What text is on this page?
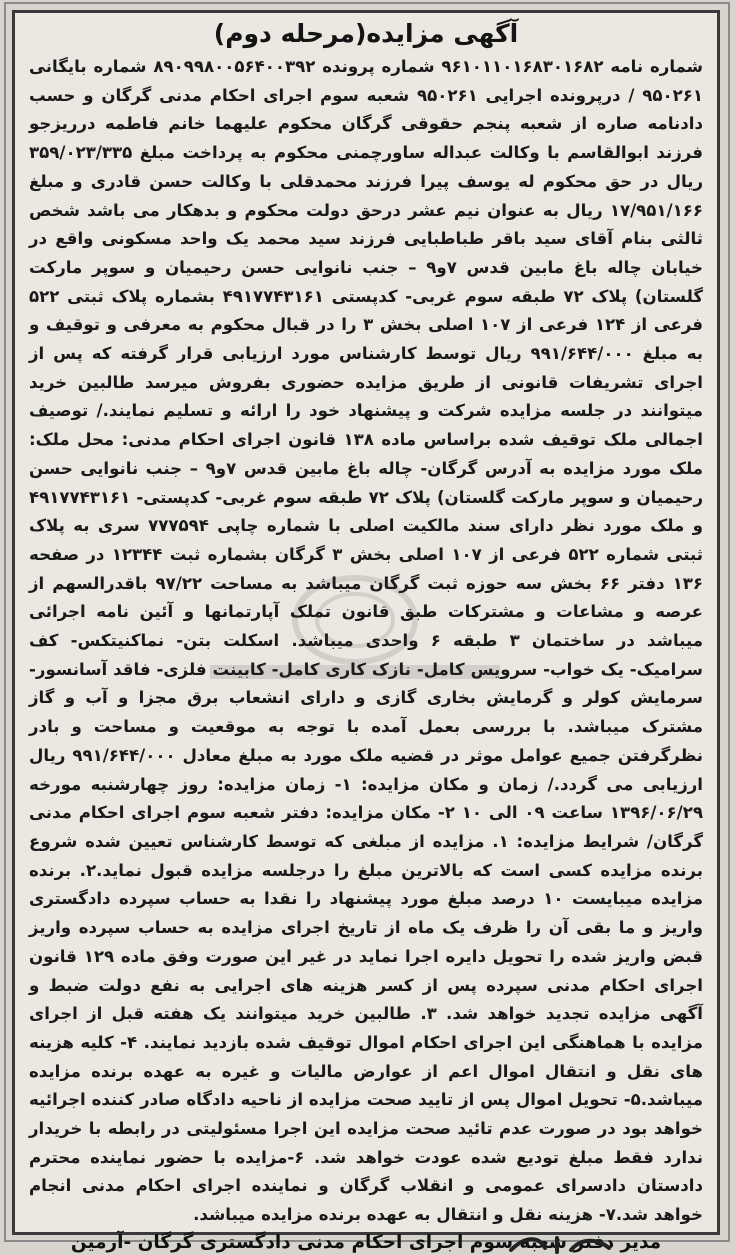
آگهی مزایده(مرحله دوم)

شماره نامه ۹۶۱۰۱۱۰۱۶۸۳۰۱۶۸۲ شماره پرونده ۸۹۰۹۹۸۰۰۵۶۴۰۰۳۹۲ شماره بایگانی ۹۵۰۲۶۱ / درپرونده اجرایی ۹۵۰۲۶۱ شعبه سوم اجرای احکام مدنی گرگان و حسب دادنامه صاره از شعبه پنجم حقوقی گرگان محکوم علیهما خانم فاطمه درریزجو فرزند ابوالقاسم با وکالت عبداله ساورچمنی محکوم به پرداخت مبلغ ۳۵۹/۰۲۳/۳۳۵ ریال در حق محکوم له یوسف پیرا فرزند محمدقلی با وکالت حسن قادری و مبلغ ۱۷/۹۵۱/۱۶۶ ریال به عنوان نیم عشر درحق دولت محکوم و بدهکار می باشد شخص ثالثی بنام آقای سید باقر طباطبایی فرزند سید محمد یک واحد مسکونی واقع در خیابان چاله باغ مابین قدس ۷و۹ – جنب نانوایی حسن رحیمیان و سوپر مارکت گلستان) پلاک ۷۲ طبقه سوم غربی- کدپستی ۴۹۱۷۷۴۳۱۶۱ بشماره پلاک ثبتی ۵۲۲ فرعی از ۱۲۴ فرعی از ۱۰۷ اصلی بخش ۳ را در قبال محکوم به معرفی و توقیف و به مبلغ ۹۹۱/۶۴۴/۰۰۰ ریال توسط کارشناس مورد ارزیابی قرار گرفته که پس از اجرای تشریفات قانونی از طریق مزایده حضوری بفروش میرسد طالبین خرید میتوانند در جلسه مزایده شرکت و پیشنهاد خود را ارائه و تسلیم نمایند./ توصیف اجمالی ملک توقیف شده براساس ماده ۱۳۸ قانون اجرای احکام مدنی: محل ملک: ملک مورد مزایده به آدرس گرگان- چاله باغ مابین قدس ۷و۹ – جنب نانوایی حسن رحیمیان و سوپر مارکت گلستان) پلاک ۷۲ طبقه سوم غربی- کدپستی- ۴۹۱۷۷۴۳۱۶۱ و ملک مورد نظر دارای سند مالکیت اصلی با شماره چاپی ۷۷۷۵۹۴ سری به پلاک ثبتی شماره ۵۲۲ فرعی از ۱۰۷ اصلی بخش ۳ گرگان بشماره ثبت ۱۲۳۴۴ در صفحه ۱۳۶ دفتر ۶۶ بخش سه حوزه ثبت گرگان میباشد به مساحت ۹۷/۲۲ باقدرالسهم از عرصه و مشاعات و مشترکات طبق قانون تملک آپارتمانها و آئین نامه اجرائی میباشد در ساختمان ۳ طبقه ۶ واحدی میباشد. اسکلت بتن- نماکنیتکس- کف سرامیک- یک خواب- سرویس کامل- نازک کاری کامل- کابینت فلزی- فاقد آسانسور- سرمایش کولر و گرمایش بخاری گازی و دارای انشعاب برق مجزا و آب و گاز مشترک میباشد. با بررسی بعمل آمده با توجه به موقعیت و مساحت و بادر نظرگرفتن جمیع عوامل موثر در قضیه ملک مورد به مبلغ معادل ۹۹۱/۶۴۴/۰۰۰ ریال ارزیابی می گردد./ زمان و مکان مزایده: ۱- زمان مزایده: روز چهارشنبه مورخه ۱۳۹۶/۰۶/۲۹ ساعت ۰۹ الی ۱۰ ۲- مکان مزایده: دفتر شعبه سوم اجرای احکام مدنی گرگان/ شرایط مزایده: ۱. مزایده از مبلغی که توسط کارشناس تعیین شده شروع برنده مزایده کسی است که بالاترین مبلغ را درجلسه مزایده قبول نماید.۲. برنده مزایده میبایست ۱۰ درصد مبلغ مورد پیشنهاد را نقدا به حساب سپرده دادگستری واریز و ما بقی آن را ظرف یک ماه از تاریخ اجرای مزایده به حساب سپرده واریز قبض واریز شده را تحویل دایره اجرا نماید در غیر این صورت وفق ماده ۱۲۹ قانون اجرای احکام مدنی سپرده پس از کسر هزینه های اجرایی به نفع دولت ضبط و آگهی مزایده تجدید خواهد شد. ۳. طالبین خرید میتوانند یک هفته قبل از اجرای مزایده با هماهنگی این اجرای احکام اموال توقیف شده بازدید نمایند. ۴- کلیه هزینه های نقل و انتقال اموال اعم از عوارض مالیات و غیره به عهده برنده مزایده میباشد.۵- تحویل اموال پس از تایید صحت مزایده از ناحیه دادگاه صادر کننده اجرائیه خواهد بود در صورت عدم تائید صحت مزایده این اجرا مسئولیتی در رابطه با خریدار ندارد فقط مبلغ تودیع شده عودت خواهد شد. ۶-مزایده با حضور نماینده محترم دادستان دادسرای عمومی و انقلاب گرگان و نماینده اجرای احکام مدنی انجام خواهد شد.۷- هزینه نقل و انتقال به عهده برنده مزایده میباشد.

مدیر دفتر شعبه سوم اجرای احکام مدنی دادگستری گرگان -آرمین
